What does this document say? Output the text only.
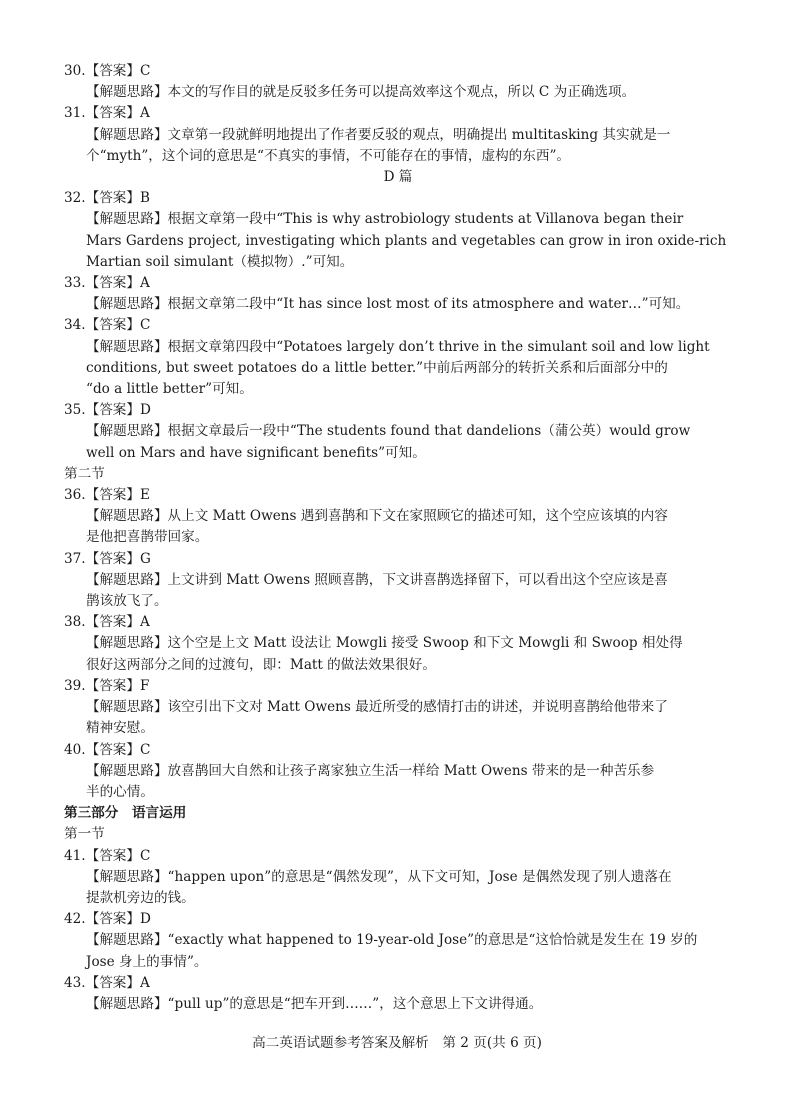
30.【答案】C
【解题思路】本文的写作目的就是反驳多任务可以提高效率这个观点，所以 C 为正确选项。
31.【答案】A
【解题思路】文章第一段就鲜明地提出了作者要反驳的观点，明确提出 multitasking 其实就是一
个“myth”，这个词的意思是“不真实的事情，不可能存在的事情，虚构的东西”。
D 篇
32.【答案】B
【解题思路】根据文章第一段中“This is why astrobiology students at Villanova began their
Mars Gardens project, investigating which plants and vegetables can grow in iron oxide-rich
Martian soil simulant（模拟物）.”可知。
33.【答案】A
【解题思路】根据文章第二段中“It has since lost most of its atmosphere and water…”可知。
34.【答案】C
【解题思路】根据文章第四段中“Potatoes largely don’t thrive in the simulant soil and low light
conditions, but sweet potatoes do a little better.”中前后两部分的转折关系和后面部分中的
“do a little better”可知。
35.【答案】D
【解题思路】根据文章最后一段中“The students found that dandelions（蒲公英）would grow
well on Mars and have significant benefits”可知。
第二节
36.【答案】E
【解题思路】从上文 Matt Owens 遇到喜鹊和下文在家照顾它的描述可知，这个空应该填的内容
是他把喜鹊带回家。
37.【答案】G
【解题思路】上文讲到 Matt Owens 照顾喜鹊，下文讲喜鹊选择留下，可以看出这个空应该是喜
鹊该放飞了。
38.【答案】A
【解题思路】这个空是上文 Matt 设法让 Mowgli 接受 Swoop 和下文 Mowgli 和 Swoop 相处得
很好这两部分之间的过渡句，即：Matt 的做法效果很好。
39.【答案】F
【解题思路】该空引出下文对 Matt Owens 最近所受的感情打击的讲述，并说明喜鹊给他带来了
精神安慰。
40.【答案】C
【解题思路】放喜鹊回大自然和让孩子离家独立生活一样给 Matt Owens 带来的是一种苦乐参
半的心情。
第三部分　语言运用
第一节
41.【答案】C
【解题思路】“happen upon”的意思是“偶然发现”，从下文可知，Jose 是偶然发现了别人遗落在
提款机旁边的钱。
42.【答案】D
【解题思路】“exactly what happened to 19-year-old Jose”的意思是“这恰恰就是发生在 19 岁的
Jose 身上的事情”。
43.【答案】A
【解题思路】“pull up”的意思是“把车开到……”，这个意思上下文讲得通。
高二英语试题参考答案及解析　第 2 页(共 6 页)
